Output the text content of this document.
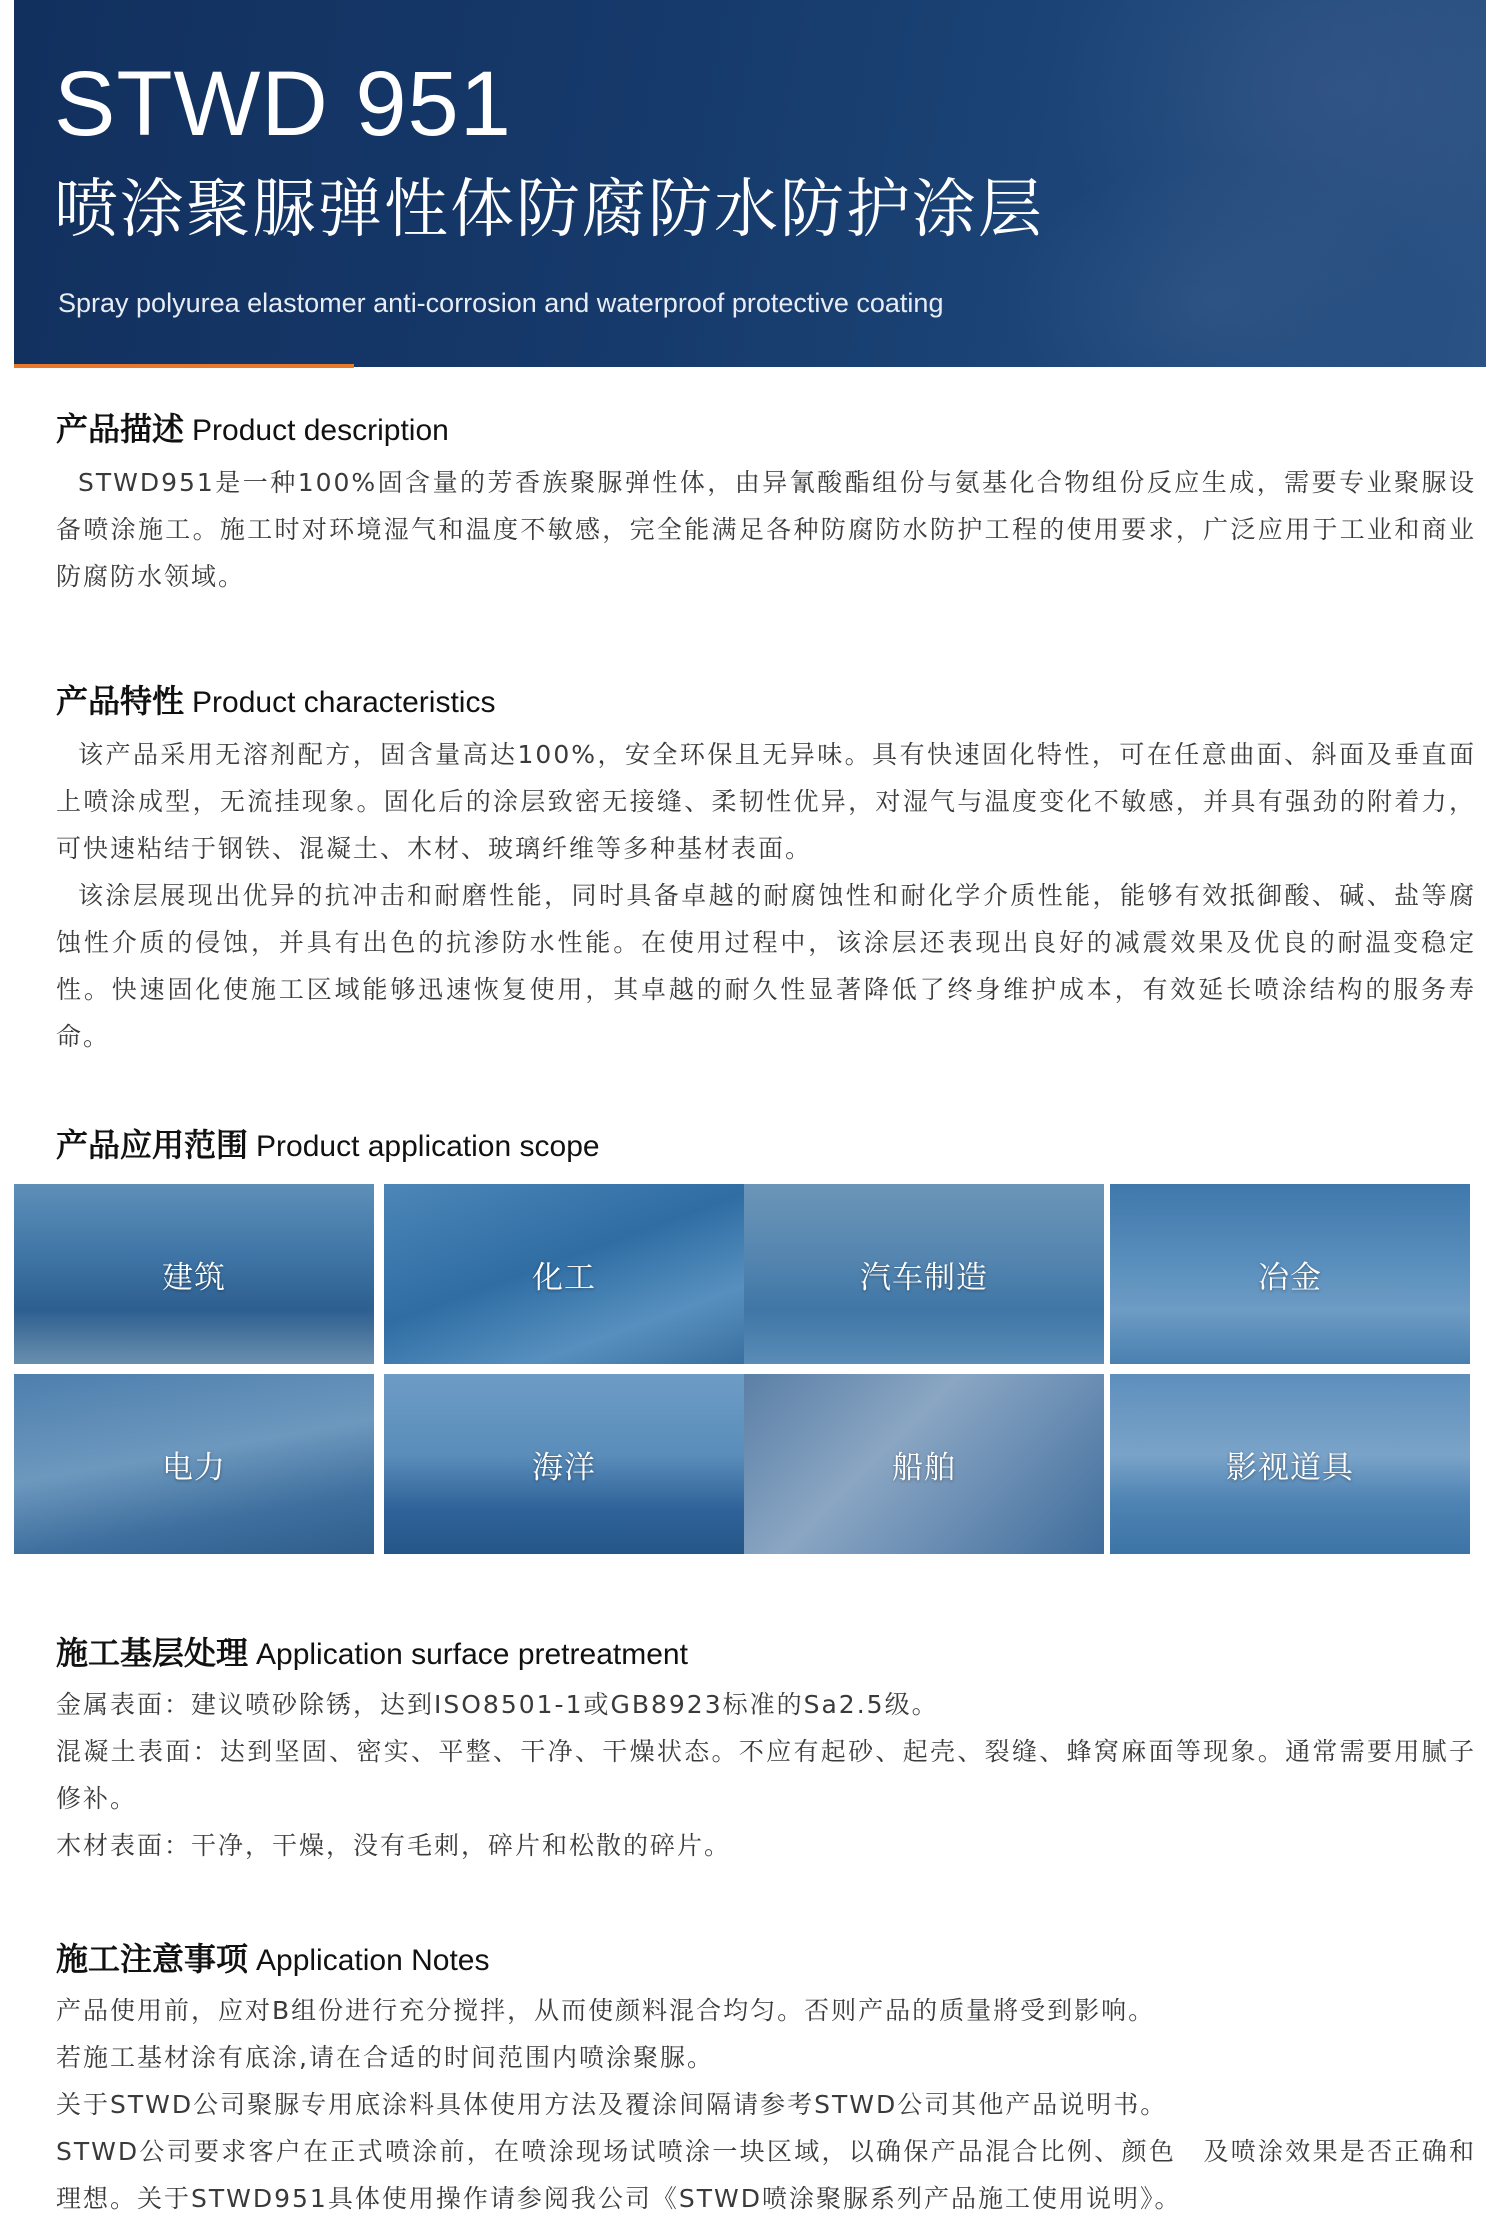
STWD 951
喷涂聚脲弹性体防腐防水防护涂层
Spray polyurea elastomer anti-corrosion and waterproof protective coating
产品描述 Product description

STWD951是一种100%固含量的芳香族聚脲弹性体，由异氰酸酯组份与氨基化合物组份反应生成，需要专业聚脲设备喷涂施工。施工时对环境湿气和温度不敏感，完全能满足各种防腐防水防护工程的使用要求，广泛应用于工业和商业防腐防水领域。

产品特性 Product characteristics

该产品采用无溶剂配方，固含量高达100%，安全环保且无异味。具有快速固化特性，可在任意曲面、斜面及垂直面上喷涂成型，无流挂现象。固化后的涂层致密无接缝、柔韧性优异，对湿气与温度变化不敏感，并具有强劲的附着力，可快速粘结于钢铁、混凝土、木材、玻璃纤维等多种基材表面。

该涂层展现出优异的抗冲击和耐磨性能，同时具备卓越的耐腐蚀性和耐化学介质性能，能够有效抵御酸、碱、盐等腐蚀性介质的侵蚀，并具有出色的抗渗防水性能。在使用过程中，该涂层还表现出良好的减震效果及优良的耐温变稳定性。快速固化使施工区域能够迅速恢复使用，其卓越的耐久性显著降低了终身维护成本，有效延长喷涂结构的服务寿命。

产品应用范围 Product application scope
建筑	化工	汽车制造	冶金
电力	海洋	船舶	影视道具
施工基层处理 Application surface pretreatment

金属表面：建议喷砂除锈，达到ISO8501-1或GB8923标准的Sa2.5级。

混凝土表面：达到坚固、密实、平整、干净、干燥状态。不应有起砂、起壳、裂缝、蜂窝麻面等现象。通常需要用腻子修补。

木材表面：干净，干燥，没有毛刺，碎片和松散的碎片。

施工注意事项 Application Notes

产品使用前，应对B组份进行充分搅拌，从而使颜料混合均匀。否则产品的质量將受到影响。

若施工基材涂有底涂,请在合适的时间范围内喷涂聚脲。

关于STWD公司聚脲专用底涂料具体使用方法及覆涂间隔请参考STWD公司其他产品说明书。

STWD公司要求客户在正式喷涂前，在喷涂现场试喷涂一块区域，以确保产品混合比例、颜色　及喷涂效果是否正确和理想。关于STWD951具体使用操作请参阅我公司《STWD喷涂聚脲系列产品施工使用说明》。
